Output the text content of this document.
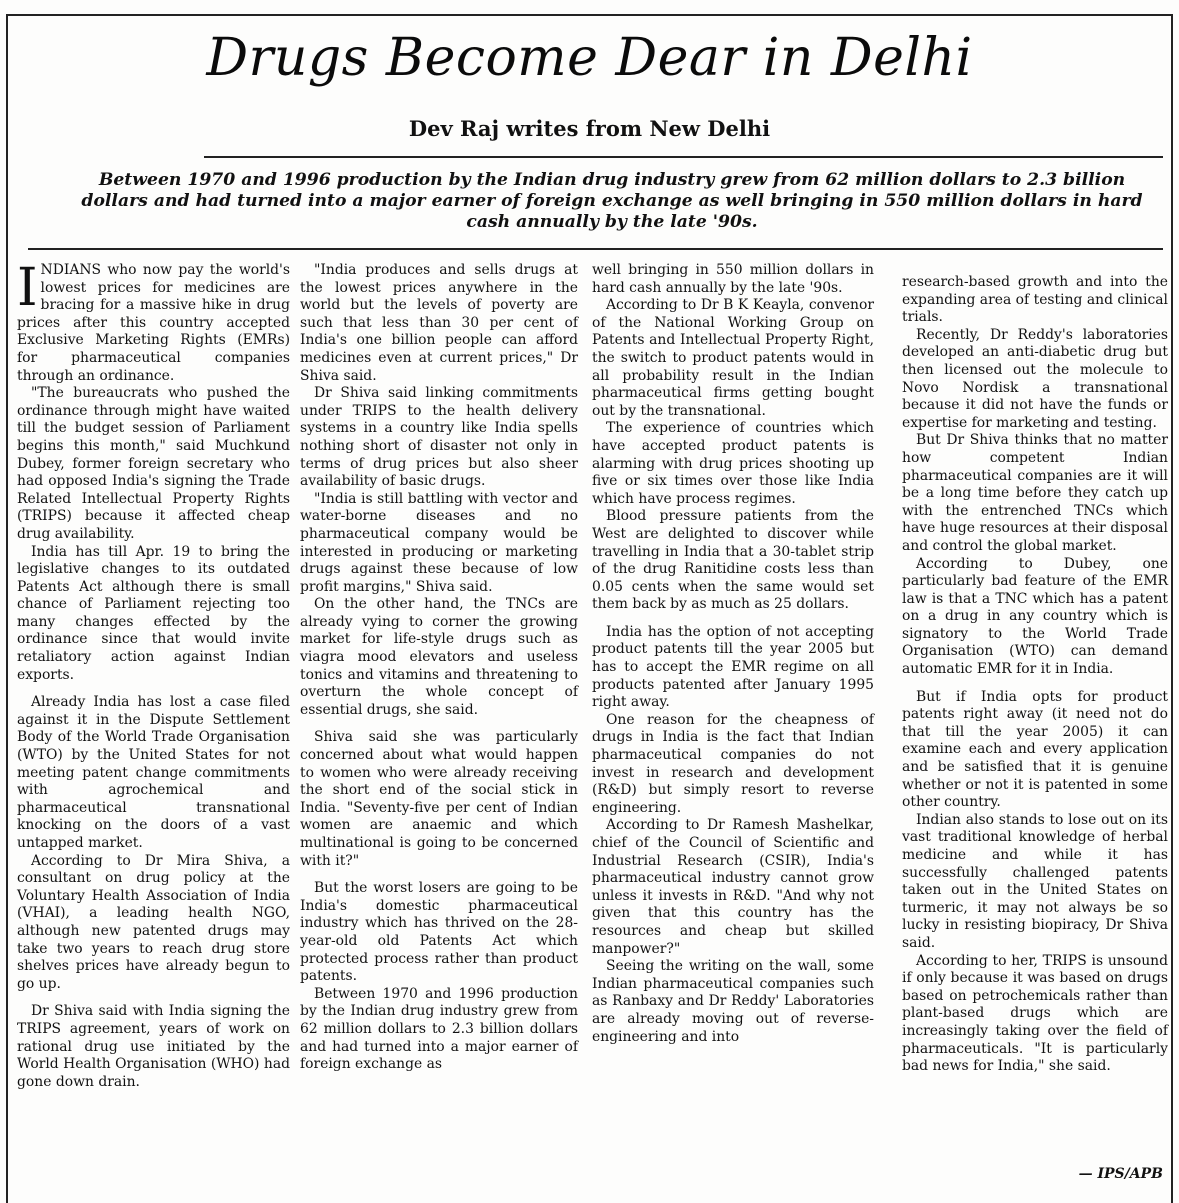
Drugs Become Dear in Delhi
Dev Raj writes from New Delhi
Between 1970 and 1996 production by the Indian drug industry grew from 62 million dollars to 2.3 billion dollars and had turned into a major earner of foreign exchange as well bringing in 550 million dollars in hard cash annually by the late '90s.

INDIANS who now pay the world's lowest prices for medicines are bracing for a massive hike in drug prices after this country accepted Exclusive Marketing Rights (EMRs) for pharmaceutical companies through an ordinance.

"The bureaucrats who pushed the ordinance through might have waited till the budget session of Parliament begins this month," said Muchkund Dubey, former foreign secretary who had opposed India's signing the Trade Related Intellectual Property Rights (TRIPS) because it affected cheap drug availability.

India has till Apr. 19 to bring the legislative changes to its outdated Patents Act although there is small chance of Parliament rejecting too many changes effected by the ordinance since that would invite retaliatory action against Indian exports.

Already India has lost a case filed against it in the Dispute Settlement Body of the World Trade Organisation (WTO) by the United States for not meeting patent change commitments with agrochemical and pharmaceutical transnational knocking on the doors of a vast untapped market.

According to Dr Mira Shiva, a consultant on drug policy at the Voluntary Health Association of India (VHAI), a leading health NGO, although new patented drugs may take two years to reach drug store shelves prices have already begun to go up.

Dr Shiva said with India signing the TRIPS agreement, years of work on rational drug use initiated by the World Health Organisation (WHO) had gone down drain.

"India produces and sells drugs at the lowest prices anywhere in the world but the levels of poverty are such that less than 30 per cent of India's one billion people can afford medicines even at current prices," Dr Shiva said.

Dr Shiva said linking commitments under TRIPS to the health delivery systems in a country like India spells nothing short of disaster not only in terms of drug prices but also sheer availability of basic drugs.

"India is still battling with vector and water-borne diseases and no pharmaceutical company would be interested in producing or marketing drugs against these because of low profit margins," Shiva said.

On the other hand, the TNCs are already vying to corner the growing market for life-style drugs such as viagra mood elevators and useless tonics and vitamins and threatening to overturn the whole concept of essential drugs, she said.

Shiva said she was particularly concerned about what would happen to women who were already receiving the short end of the social stick in India. "Seventy-five per cent of Indian women are anaemic and which multinational is going to be concerned with it?"

But the worst losers are going to be India's domestic pharmaceutical industry which has thrived on the 28-year-old old Patents Act which protected process rather than product patents.

Between 1970 and 1996 production by the Indian drug industry grew from 62 million dollars to 2.3 billion dollars and had turned into a major earner of foreign exchange as

well bringing in 550 million dollars in hard cash annually by the late '90s.

According to Dr B K Keayla, convenor of the National Working Group on Patents and Intellectual Property Right, the switch to product patents would in all probability result in the Indian pharmaceutical firms getting bought out by the transnational.

The experience of countries which have accepted product patents is alarming with drug prices shooting up five or six times over those like India which have process regimes.

Blood pressure patients from the West are delighted to discover while travelling in India that a 30-tablet strip of the drug Ranitidine costs less than 0.05 cents when the same would set them back by as much as 25 dollars.

India has the option of not accepting product patents till the year 2005 but has to accept the EMR regime on all products patented after January 1995 right away.

One reason for the cheapness of drugs in India is the fact that Indian pharmaceutical companies do not invest in research and development (R&D) but simply resort to reverse engineering.

According to Dr Ramesh Mashelkar, chief of the Council of Scientific and Industrial Research (CSIR), India's pharmaceutical industry cannot grow unless it invests in R&D. "And why not given that this country has the resources and cheap but skilled manpower?"

Seeing the writing on the wall, some Indian pharmaceutical companies such as Ranbaxy and Dr Reddy' Laboratories are already moving out of reverse-engineering and into

research-based growth and into the expanding area of testing and clinical trials.

Recently, Dr Reddy's laboratories developed an anti-diabetic drug but then licensed out the molecule to Novo Nordisk a transnational because it did not have the funds or expertise for marketing and testing.

But Dr Shiva thinks that no matter how competent Indian pharmaceutical companies are it will be a long time before they catch up with the entrenched TNCs which have huge resources at their disposal and control the global market.

According to Dubey, one particularly bad feature of the EMR law is that a TNC which has a patent on a drug in any country which is signatory to the World Trade Organisation (WTO) can demand automatic EMR for it in India.

But if India opts for product patents right away (it need not do that till the year 2005) it can examine each and every application and be satisfied that it is genuine whether or not it is patented in some other country.

Indian also stands to lose out on its vast traditional knowledge of herbal medicine and while it has successfully challenged patents taken out in the United States on turmeric, it may not always be so lucky in resisting biopiracy, Dr Shiva said.

According to her, TRIPS is unsound if only because it was based on drugs based on petrochemicals rather than plant-based drugs which are increasingly taking over the field of pharmaceuticals. "It is particularly bad news for India," she said.

— IPS/APB
